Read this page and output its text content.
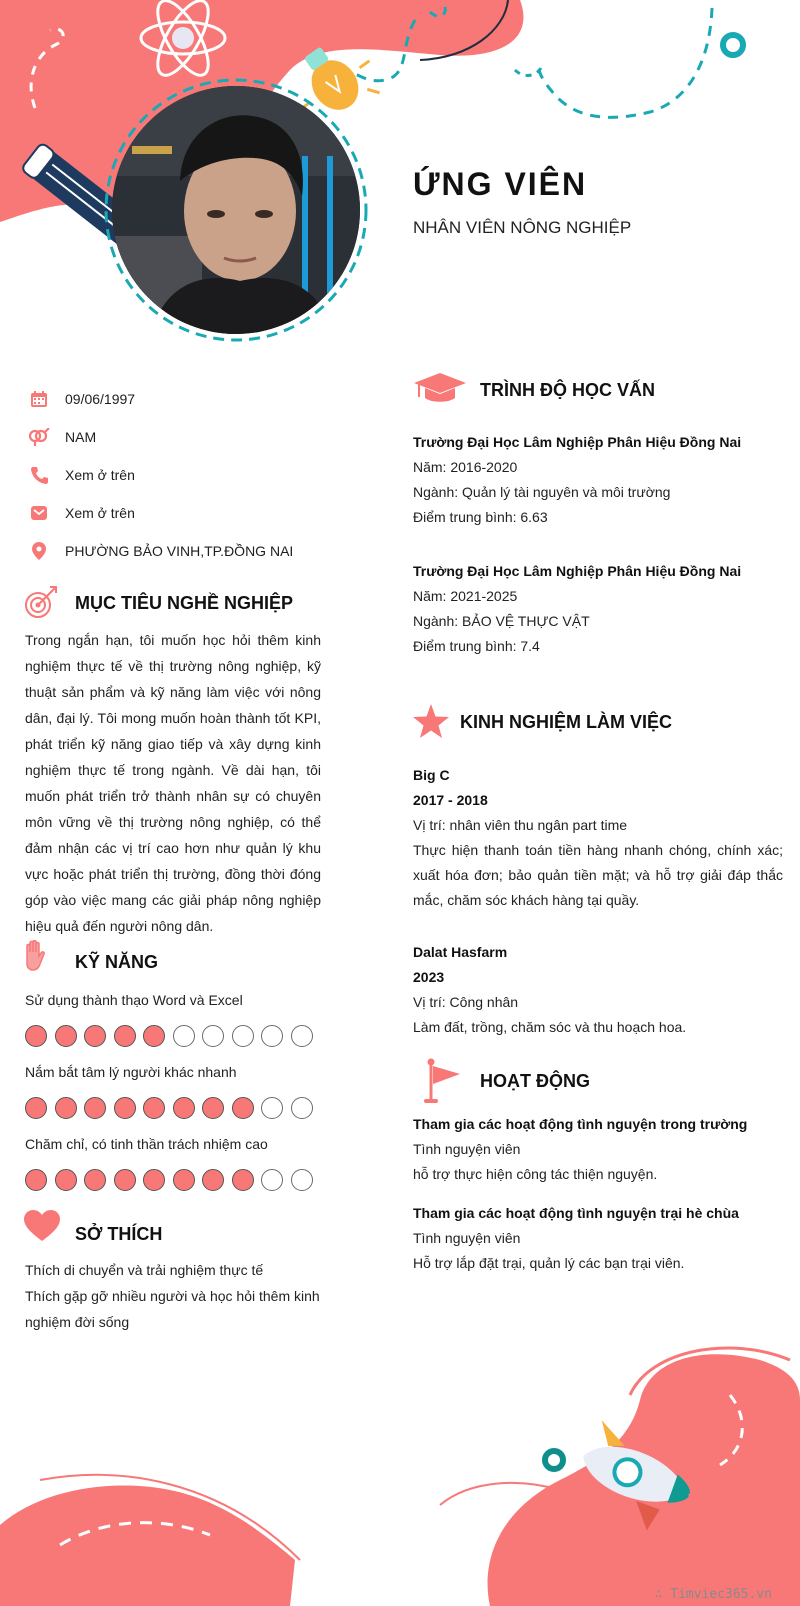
ỨNG VIÊN
NHÂN VIÊN NÔNG NGHIỆP
09/06/1997
NAM
Xem ở trên
Xem ở trên
PHƯỜNG BẢO VINH,TP.ĐỒNG NAI
MỤC TIÊU NGHỀ NGHIỆP
Trong ngắn hạn, tôi muốn học hỏi thêm kinh nghiệm thực tế về thị trường nông nghiệp, kỹ thuật sản phẩm và kỹ năng làm việc với nông dân, đại lý. Tôi mong muốn hoàn thành tốt KPI, phát triển kỹ năng giao tiếp và xây dựng kinh nghiệm thực tế trong ngành. Về dài hạn, tôi muốn phát triển trở thành nhân sự có chuyên môn vững về thị trường nông nghiệp, có thể đảm nhận các vị trí cao hơn như quản lý khu vực hoặc phát triển thị trường, đồng thời đóng góp vào việc mang các giải pháp nông nghiệp hiệu quả đến người nông dân.
KỸ NĂNG
Sử dụng thành thạo Word và Excel
Nắm bắt tâm lý người khác nhanh
Chăm chỉ, có tinh thần trách nhiệm cao
SỞ THÍCH
Thích di chuyển và trải nghiệm thực tế
Thích gặp gỡ nhiều người và học hỏi thêm kinh nghiệm đời sống
TRÌNH ĐỘ HỌC VẤN
Trường Đại Học Lâm Nghiệp Phân Hiệu Đồng Nai
Năm: 2016-2020
Ngành: Quản lý tài nguyên và môi trường
Điểm trung bình: 6.63
Trường Đại Học Lâm Nghiệp Phân Hiệu Đồng Nai
Năm: 2021-2025
Ngành: BẢO VỆ THỰC VẬT
Điểm trung bình: 7.4
KINH NGHIỆM LÀM VIỆC
Big C
2017 - 2018
Vị trí: nhân viên thu ngân part time
Thực hiện thanh toán tiền hàng nhanh chóng, chính xác; xuất hóa đơn; bảo quản tiền mặt; và hỗ trợ giải đáp thắc mắc, chăm sóc khách hàng tại quầy.
Dalat Hasfarm
2023
Vị trí: Công nhân
Làm đất, trồng, chăm sóc và thu hoạch hoa.
HOẠT ĐỘNG
Tham gia các hoạt động tình nguyện trong trường
Tình nguyện viên
hỗ trợ thực hiện công tác thiện nguyện.
Tham gia các hoạt động tình nguyện trại hè chùa
Tình nguyện viên
Hỗ trợ lắp đặt trại, quản lý các bạn trại viên.
∴ Timviec365.vn
